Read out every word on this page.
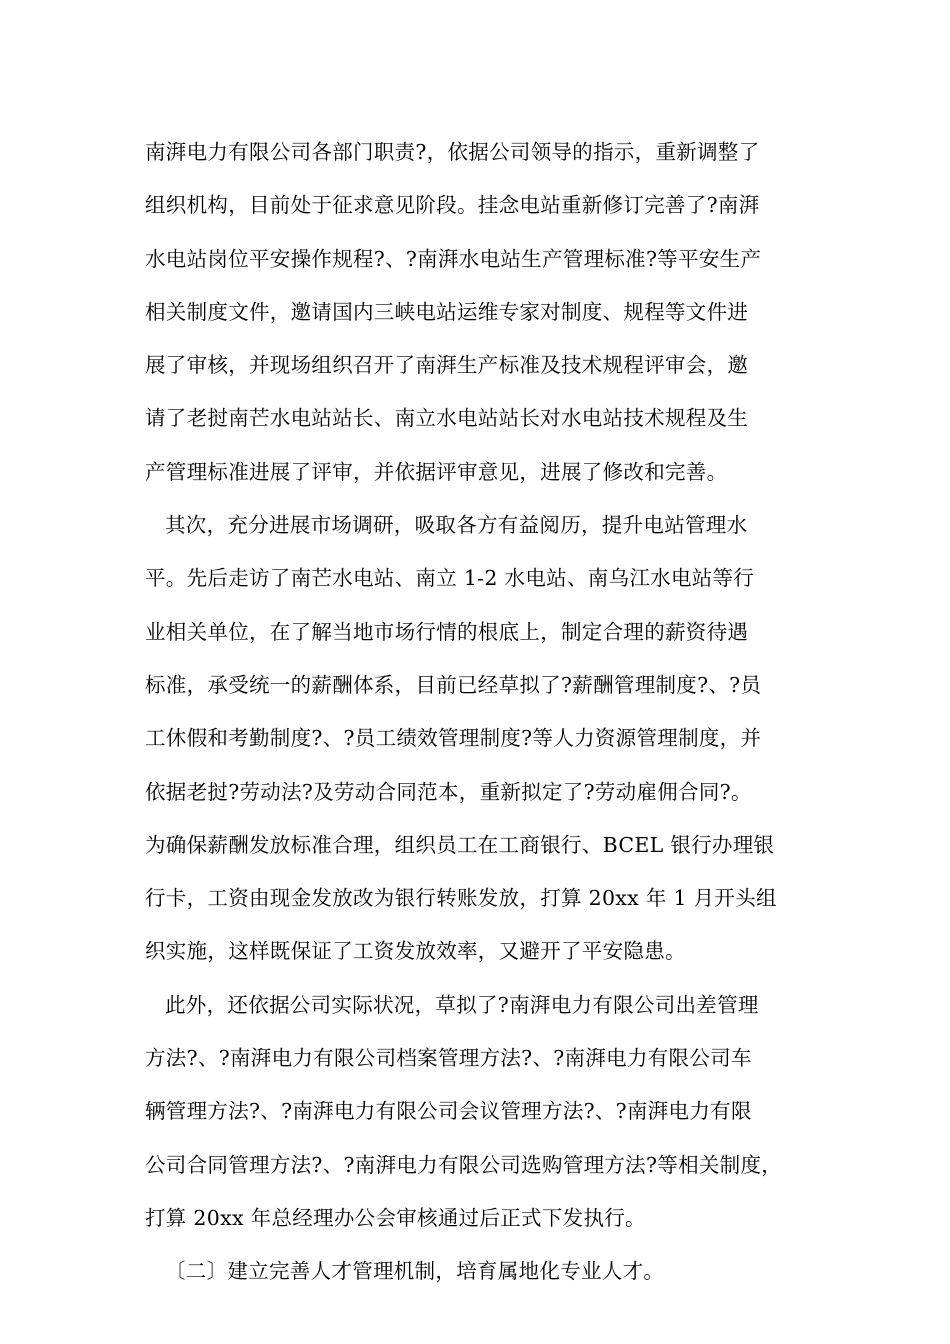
南湃电力有限公司各部门职责?，依据公司领导的指示，重新调整了
组织机构，目前处于征求意见阶段。挂念电站重新修订完善了?南湃
水电站岗位平安操作规程?、?南湃水电站生产管理标准?等平安生产
相关制度文件，邀请国内三峡电站运维专家对制度、规程等文件进
展了审核，并现场组织召开了南湃生产标准及技术规程评审会，邀
请了老挝南芒水电站站长、南立水电站站长对水电站技术规程及生
产管理标准进展了评审，并依据评审意见，进展了修改和完善。
其次，充分进展市场调研，吸取各方有益阅历，提升电站管理水
平。先后走访了南芒水电站、南立 1-2 水电站、南乌江水电站等行
业相关单位，在了解当地市场行情的根底上，制定合理的薪资待遇
标准，承受统一的薪酬体系，目前已经草拟了?薪酬管理制度?、?员
工休假和考勤制度?、?员工绩效管理制度?等人力资源管理制度，并
依据老挝?劳动法?及劳动合同范本，重新拟定了?劳动雇佣合同?。
为确保薪酬发放标准合理，组织员工在工商银行、BCEL 银行办理银
行卡，工资由现金发放改为银行转账发放，打算 20xx 年 1 月开头组
织实施，这样既保证了工资发放效率，又避开了平安隐患。
此外，还依据公司实际状况，草拟了?南湃电力有限公司出差管理
方法?、?南湃电力有限公司档案管理方法?、?南湃电力有限公司车
辆管理方法?、?南湃电力有限公司会议管理方法?、?南湃电力有限
公司合同管理方法?、?南湃电力有限公司选购管理方法?等相关制度，
打算 20xx 年总经理办公会审核通过后正式下发执行。
〔二〕建立完善人才管理机制，培育属地化专业人才。
